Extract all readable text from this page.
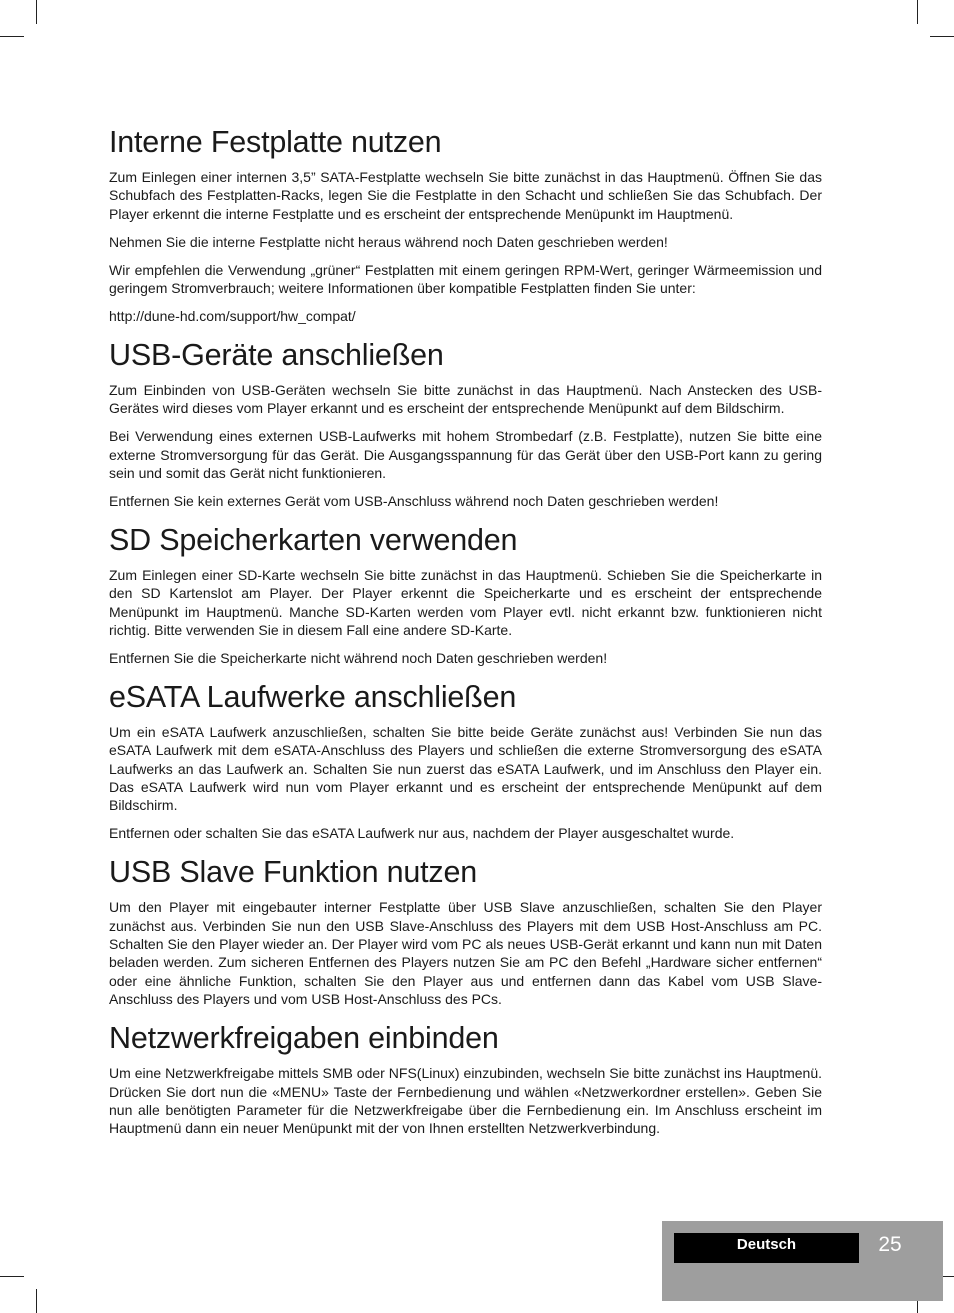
Interne Festplatte nutzen

Zum Einlegen einer internen 3,5” SATA-Festplatte wechseln Sie bitte zunächst in das Hauptmenü. Öffnen Sie das Schubfach des Festplatten-Racks, legen Sie die Festplatte in den Schacht und schließen Sie das Schubfach. Der Player erkennt die interne Festplatte und es erscheint der entsprechende Menüpunkt im Hauptmenü.

Nehmen Sie die interne Festplatte nicht heraus während noch Daten geschrieben werden!

Wir empfehlen die Verwendung „grüner“ Festplatten mit einem geringen RPM-Wert, geringer Wärmeemission und geringem Stromverbrauch; weitere Informationen über kompatible Festplatten finden Sie unter:

http://dune-hd.com/support/hw_compat/

USB-Geräte anschließen

Zum Einbinden von USB-Geräten wechseln Sie bitte zunächst in das Hauptmenü. Nach Anstecken des USB-Gerätes wird dieses vom Player erkannt und es erscheint der entsprechende Menüpunkt auf dem Bildschirm.

Bei Verwendung eines externen USB-Laufwerks mit hohem Strombedarf (z.B. Festplatte), nutzen Sie bitte eine externe Stromversorgung für das Gerät. Die Ausgangsspannung für das Gerät über den USB-Port kann zu gering sein und somit das Gerät nicht funktionieren.

Entfernen Sie kein externes Gerät vom USB-Anschluss während noch Daten geschrieben werden!

SD Speicherkarten verwenden

Zum Einlegen einer SD-Karte wechseln Sie bitte zunächst in das Hauptmenü. Schieben Sie die Speicherkarte in den SD Kartenslot am Player. Der Player erkennt die Speicherkarte und es erscheint der entsprechende Menüpunkt im Hauptmenü. Manche SD-Karten werden vom Player evtl. nicht erkannt bzw. funktionieren nicht richtig. Bitte verwenden Sie in diesem Fall eine andere SD-Karte.

Entfernen Sie die Speicherkarte nicht während noch Daten geschrieben werden!

eSATA Laufwerke anschließen

Um ein eSATA Laufwerk anzuschließen, schalten Sie bitte beide Geräte zunächst aus! Verbinden Sie nun das eSATA Laufwerk mit dem eSATA-Anschluss des Players und schließen die externe Stromversorgung des eSATA Laufwerks an das Laufwerk an. Schalten Sie nun zuerst das eSATA Laufwerk, und im Anschluss den Player ein. Das eSATA Laufwerk wird nun vom Player erkannt und es erscheint der entsprechende Menüpunkt auf dem Bildschirm.

Entfernen oder schalten Sie das eSATA Laufwerk nur aus, nachdem der Player ausgeschaltet wurde.

USB Slave Funktion nutzen

Um den Player mit eingebauter interner Festplatte über USB Slave anzuschließen, schalten Sie den Player zunächst aus. Verbinden Sie nun den USB Slave-Anschluss des Players mit dem USB Host-Anschluss am PC. Schalten Sie den Player wieder an. Der Player wird vom PC als neues USB-Gerät erkannt und kann nun mit Daten beladen werden. Zum sicheren Entfernen des Players nutzen Sie am PC den Befehl „Hardware sicher entfernen“ oder eine ähnliche Funktion, schalten Sie den Player aus und entfernen dann das Kabel vom USB Slave-Anschluss des Players und vom USB Host-Anschluss des PCs.

Netzwerkfreigaben einbinden

Um eine Netzwerkfreigabe mittels SMB oder NFS(Linux) einzubinden, wechseln Sie bitte zunächst ins Hauptmenü. Drücken Sie dort nun die «MENU» Taste der Fernbedienung und wählen «Netzwerkordner erstellen». Geben Sie nun alle benötigten Parameter für die Netzwerkfreigabe über die Fernbedienung ein. Im Anschluss erscheint im Hauptmenü dann ein neuer Menüpunkt mit der von Ihnen erstellten Netzwerkverbindung.

Deutsch	25
